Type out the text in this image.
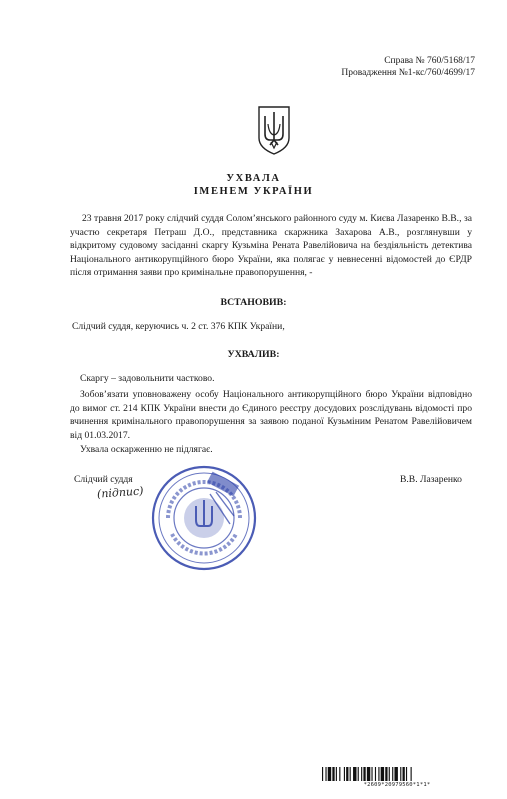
Справа № 760/5168/17
Провадження №1-кс/760/4699/17
УХВАЛА
ІМЕНЕМ УКРАЇНИ
23 травня 2017 року слідчий суддя Солом’янського районного суду м. Києва Лазаренко В.В., за участю секретаря Петраш Д.О., представника скаржника Захарова А.В., розглянувши у відкритому судовому засіданні скаргу Кузьміна Рената Равелійовича на бездіяльність детектива Національного антикорупційного бюро України, яка полягає у невнесенні відомостей до ЄРДР після отримання заяви про кримінальне правопорушення, -
ВСТАНОВИВ:
Слідчий суддя, керуючись ч. 2 ст. 376 КПК України,
УХВАЛИВ:
Скаргу – задовольнити частково.
Зобов’язати уповноважену особу Національного антикорупційного бюро України відповідно до вимог ст. 214 КПК України внести до Єдиного реєстру досудових розслідувань відомості про вчинення кримінального правопорушення за заявою поданої Кузьміним Ренатом Равелійовичем від 01.03.2017.
Ухвала оскарженню не підлягає.
Слідчий суддя
(підпис)
В.В. Лазаренко
*2609*20979560*1*1*
